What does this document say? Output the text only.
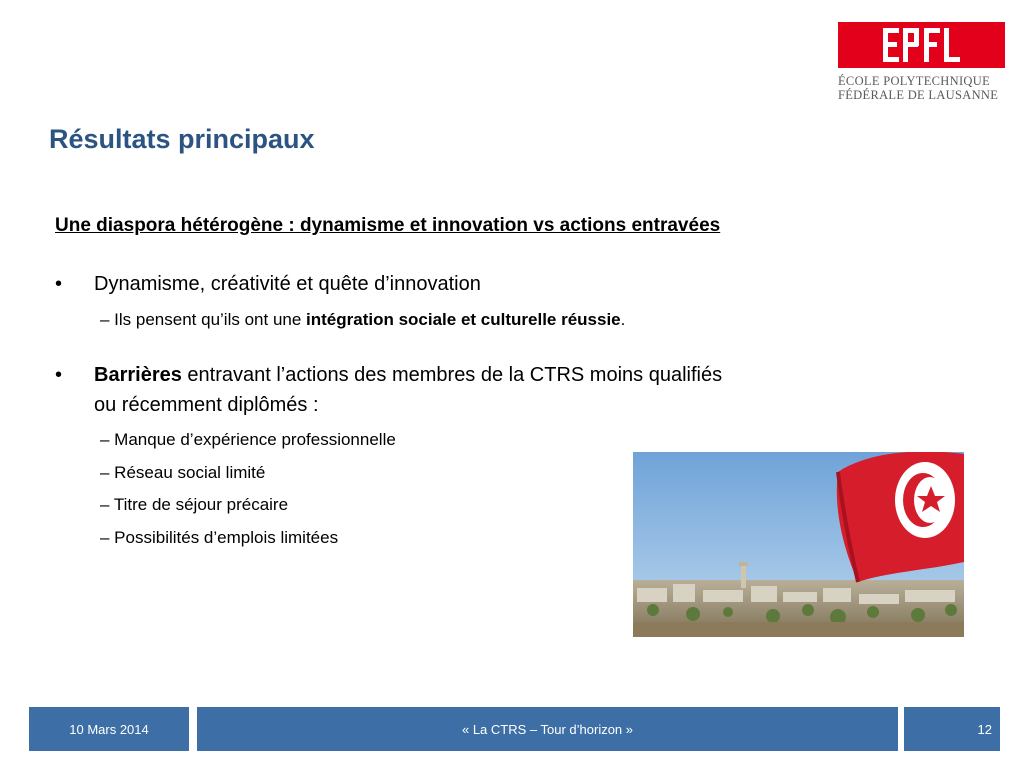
ÉCOLE POLYTECHNIQUE
FÉDÉRALE DE LAUSANNE
Résultats principaux
Une diaspora hétérogène : dynamisme et innovation vs actions entravées
• Dynamisme, créativité et quête d’innovation
– Ils pensent qu’ils ont une intégration sociale et culturelle réussie.
• Barrières entravant l’actions des membres de la CTRS moins qualifiés
ou récemment diplômés :
– Manque d’expérience professionnelle
– Réseau social limité
– Titre de séjour précaire
– Possibilités d’emplois limitées
10 Mars 2014	« La CTRS – Tour d’horizon »	12
